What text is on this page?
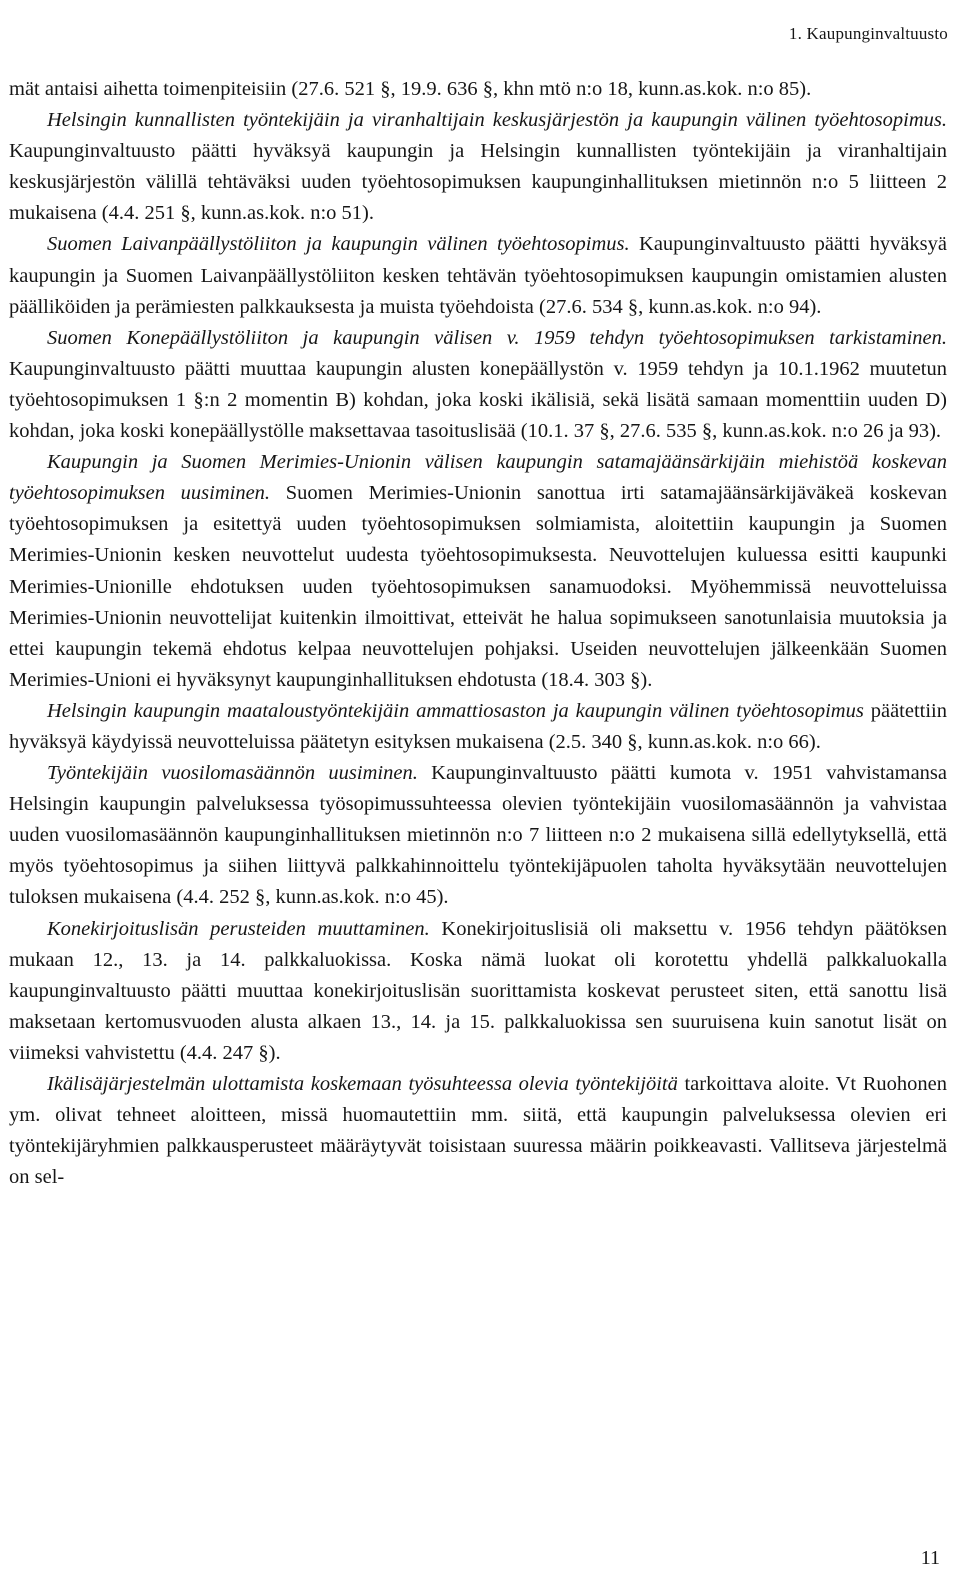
1. Kaupunginvaltuusto

mät antaisi aihetta toimenpiteisiin (27.6. 521 §, 19.9. 636 §, khn mtö n:o 18, kunn.as.kok. n:o 85).

Helsingin kunnallisten työntekijäin ja viranhaltijain keskusjärjestön ja kaupungin välinen työehtosopimus. Kaupunginvaltuusto päätti hyväksyä kaupungin ja Helsingin kunnallisten työntekijäin ja viranhaltijain keskusjärjestön välillä tehtäväksi uuden työehtosopimuksen kaupunginhallituksen mietinnön n:o 5 liitteen 2 mukaisena (4.4. 251 §, kunn.as.kok. n:o 51).

Suomen Laivanpäällystöliiton ja kaupungin välinen työehtosopimus. Kaupunginvaltuusto päätti hyväksyä kaupungin ja Suomen Laivanpäällystöliiton kesken tehtävän työehtosopimuksen kaupungin omistamien alusten päälliköiden ja perämiesten palkkauksesta ja muista työehdoista (27.6. 534 §, kunn.as.kok. n:o 94).

Suomen Konepäällystöliiton ja kaupungin välisen v. 1959 tehdyn työehtosopimuksen tarkistaminen. Kaupunginvaltuusto päätti muuttaa kaupungin alusten konepäällystön v. 1959 tehdyn ja 10.1.1962 muutetun työehtosopimuksen 1 §:n 2 momentin B) kohdan, joka koski ikälisiä, sekä lisätä samaan momenttiin uuden D) kohdan, joka koski konepäällystölle maksettavaa tasoituslisää (10.1. 37 §, 27.6. 535 §, kunn.as.kok. n:o 26 ja 93).

Kaupungin ja Suomen Merimies-Unionin välisen kaupungin satamajäänsärkijäin miehistöä koskevan työehtosopimuksen uusiminen. Suomen Merimies-Unionin sanottua irti satamajäänsärkijäväkeä koskevan työehtosopimuksen ja esitettyä uuden työehtosopimuksen solmiamista, aloitettiin kaupungin ja Suomen Merimies-Unionin kesken neuvottelut uudesta työehtosopimuksesta. Neuvottelujen kuluessa esitti kaupunki Merimies-Unionille ehdotuksen uuden työehtosopimuksen sanamuodoksi. Myöhemmissä neuvotteluissa Merimies-Unionin neuvottelijat kuitenkin ilmoittivat, etteivät he halua sopimukseen sanotunlaisia muutoksia ja ettei kaupungin tekemä ehdotus kelpaa neuvottelujen pohjaksi. Useiden neuvottelujen jälkeenkään Suomen Merimies-Unioni ei hyväksynyt kaupunginhallituksen ehdotusta (18.4. 303 §).

Helsingin kaupungin maataloustyöntekijäin ammattiosaston ja kaupungin välinen työehtosopimus päätettiin hyväksyä käydyissä neuvotteluissa päätetyn esityksen mukaisena (2.5. 340 §, kunn.as.kok. n:o 66).

Työntekijäin vuosilomasäännön uusiminen. Kaupunginvaltuusto päätti kumota v. 1951 vahvistamansa Helsingin kaupungin palveluksessa työsopimussuhteessa olevien työntekijäin vuosilomasäännön ja vahvistaa uuden vuosilomasäännön kaupunginhallituksen mietinnön n:o 7 liitteen n:o 2 mukaisena sillä edellytyksellä, että myös työehtosopimus ja siihen liittyvä palkkahinnoittelu työntekijäpuolen taholta hyväksytään neuvottelujen tuloksen mukaisena (4.4. 252 §, kunn.as.kok. n:o 45).

Konekirjoituslisän perusteiden muuttaminen. Konekirjoituslisiä oli maksettu v. 1956 tehdyn päätöksen mukaan 12., 13. ja 14. palkkaluokissa. Koska nämä luokat oli korotettu yhdellä palkkaluokalla kaupunginvaltuusto päätti muuttaa konekirjoituslisän suorittamista koskevat perusteet siten, että sanottu lisä maksetaan kertomusvuoden alusta alkaen 13., 14. ja 15. palkkaluokissa sen suuruisena kuin sanotut lisät on viimeksi vahvistettu (4.4. 247 §).

Ikälisäjärjestelmän ulottamista koskemaan työsuhteessa olevia työntekijöitä tarkoittava aloite. Vt Ruohonen ym. olivat tehneet aloitteen, missä huomautettiin mm. siitä, että kaupungin palveluksessa olevien eri työntekijäryhmien palkkausperusteet määräytyvät toisistaan suuressa määrin poikkeavasti. Vallitseva järjestelmä on sel-

11
